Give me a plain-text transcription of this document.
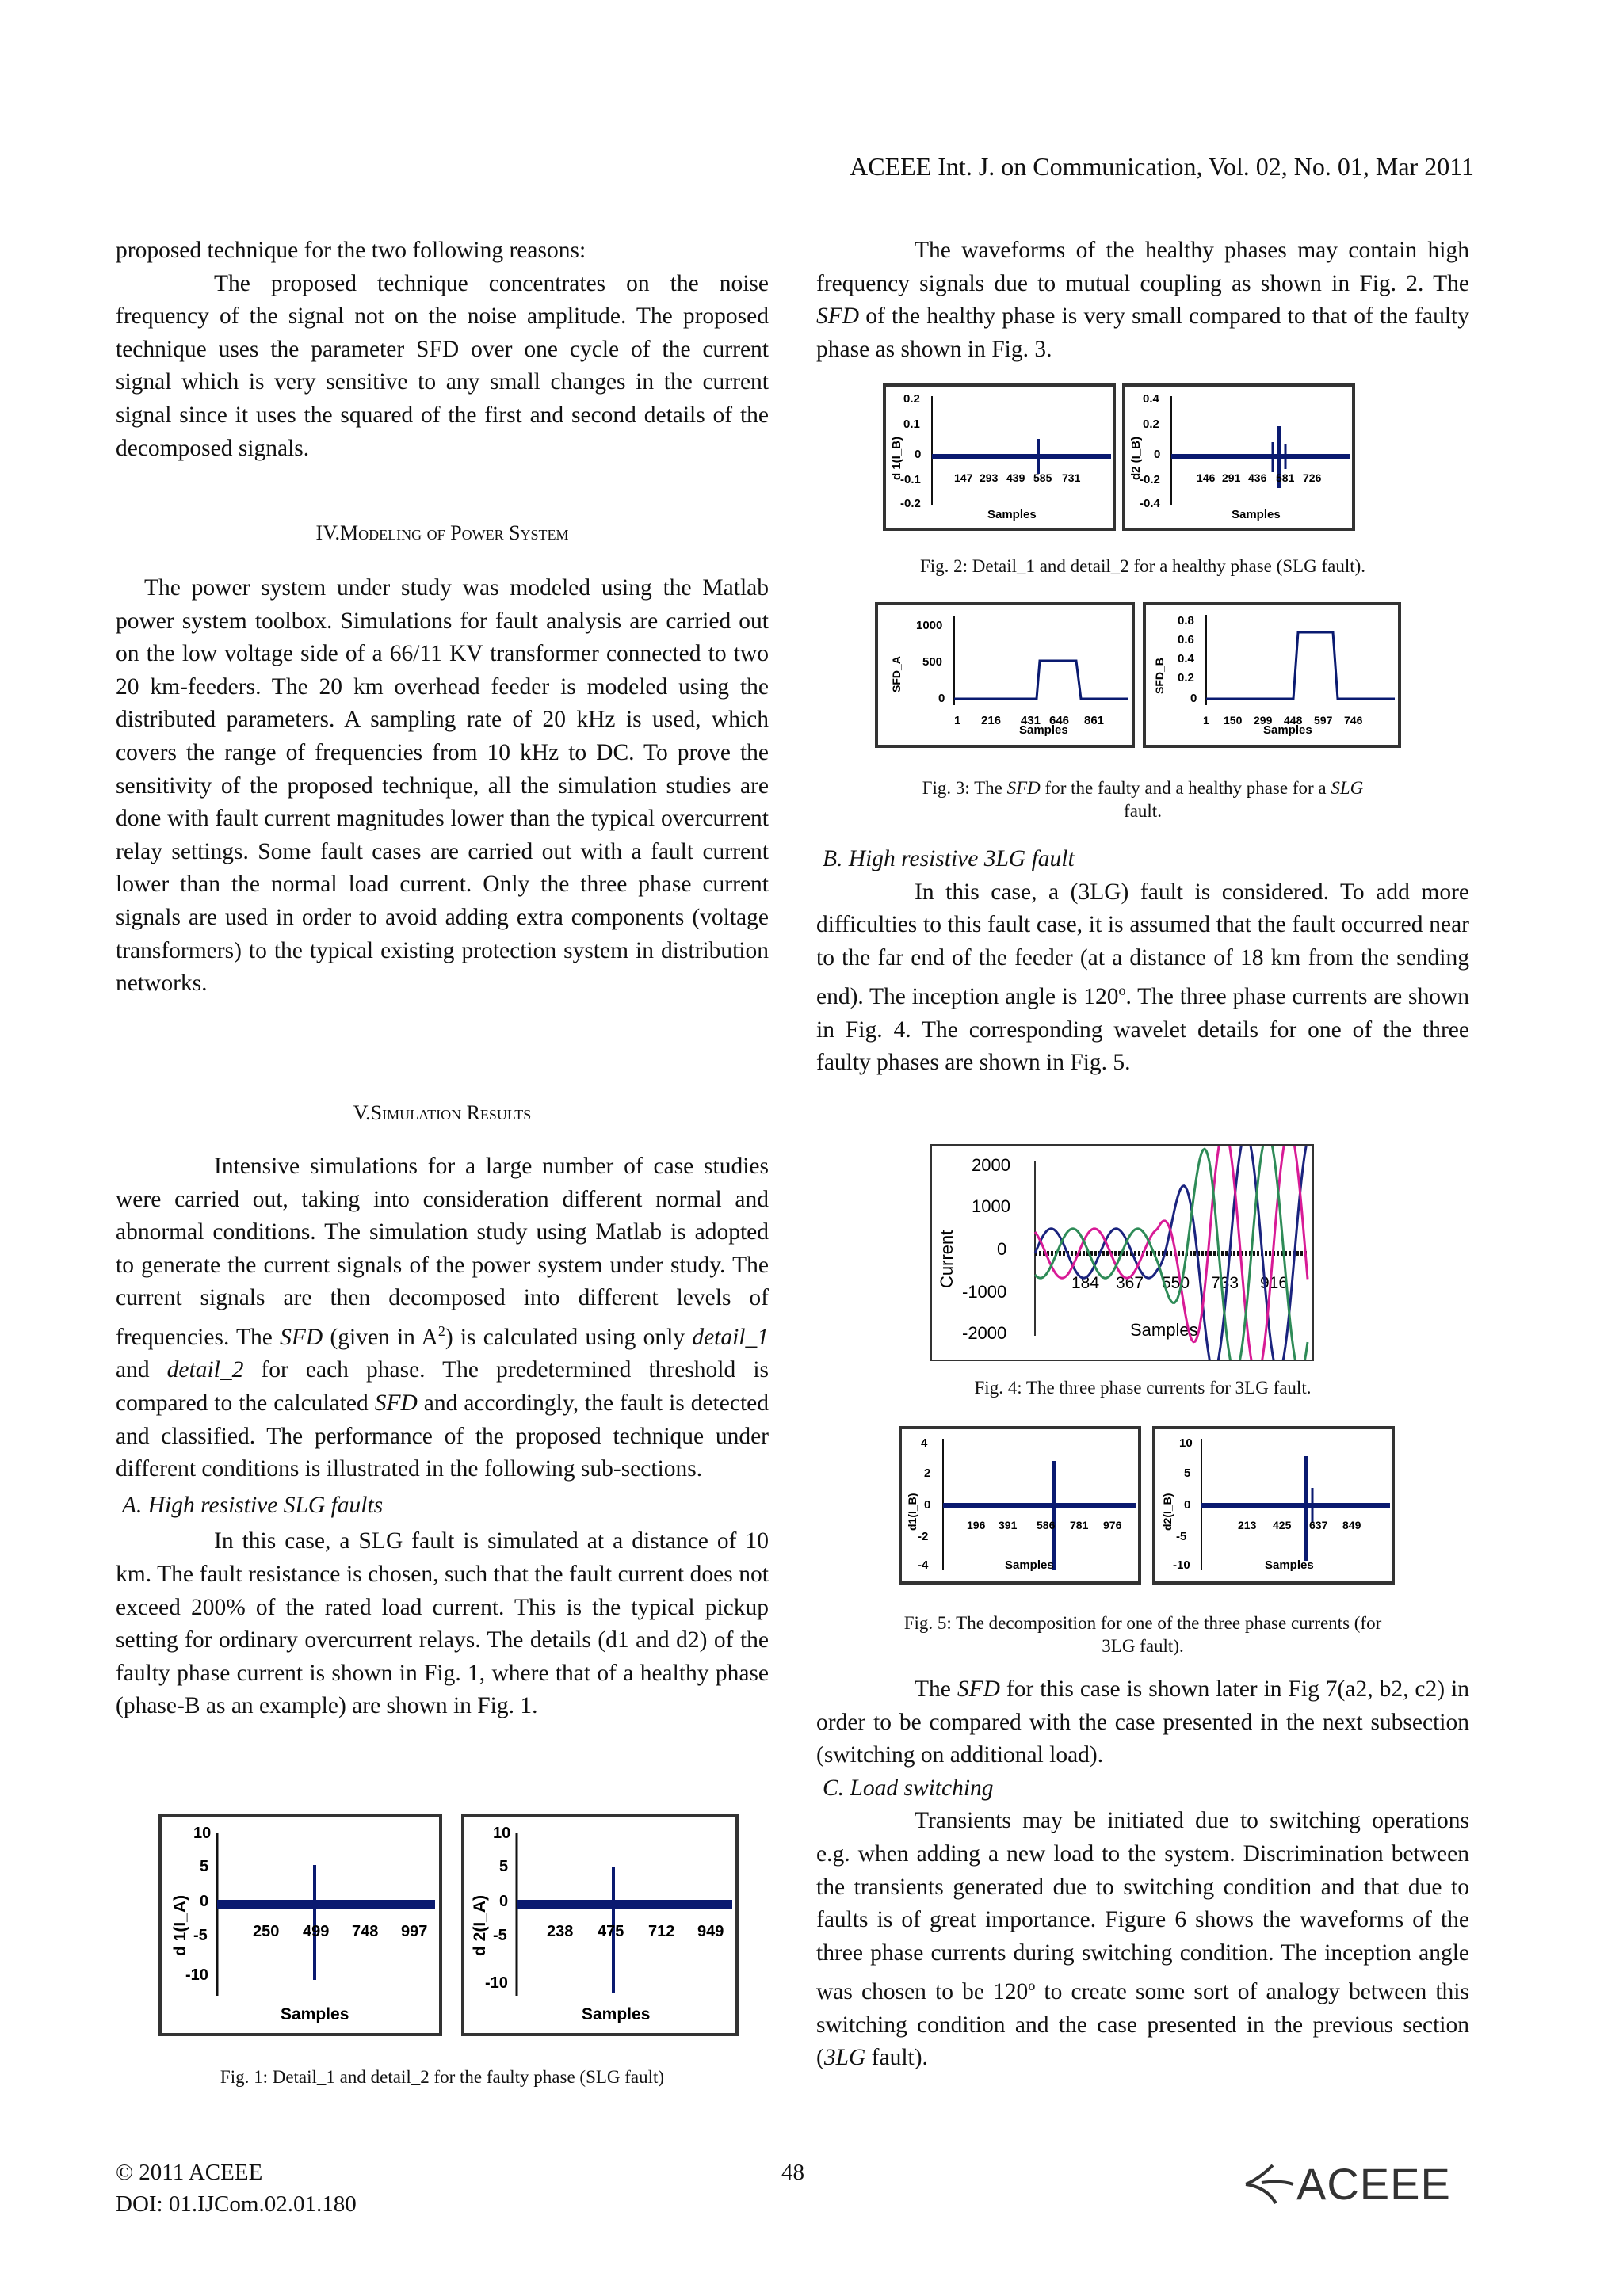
ACEEE Int. J. on Communication, Vol. 02, No. 01, Mar 2011

proposed technique for the two following reasons:

The proposed technique concentrates on the noise frequency of the signal not on the noise amplitude. The proposed technique uses the parameter SFD over one cycle of the current signal which is very sensitive to any small changes in the current signal since it uses the squared of the first and second details of the decomposed signals.

IV.Modeling of Power System

The power system under study was modeled using the Matlab power system toolbox. Simulations for fault analysis are carried out on the low voltage side of a 66/11 KV transformer connected to two 20 km-feeders. The 20 km overhead feeder is modeled using the distributed parameters. A sampling rate of 20 kHz is used, which covers the range of frequencies from 10 kHz to DC. To prove the sensitivity of the proposed technique, all the simulation studies are done with fault current magnitudes lower than the typical overcurrent relay settings. Some fault cases are carried out with a fault current lower than the normal load current. Only the three phase current signals are used in order to avoid adding extra components (voltage transformers) to the typical existing protection system in distribution networks.

V.Simulation Results

Intensive simulations for a large number of case studies were carried out, taking into consideration different normal and abnormal conditions. The simulation study using Matlab is adopted to generate the current signals of the power system under study. The current signals are then decomposed into different levels of frequencies. The SFD (given in $A^2$) is calculated using only detail_1 and detail_2 for each phase. The predetermined threshold is compared to the calculated SFD and accordingly, the fault is detected and classified. The performance of the proposed technique under different conditions is illustrated in the following sub-sections.

A. High resistive SLG faults

In this case, a SLG fault is simulated at a distance of 10 km. The fault resistance is chosen, such that the fault current does not exceed 200% of the rated load current. This is the typical pickup setting for ordinary overcurrent relays. The details (d1 and d2) of the faulty phase current is shown in Fig. 1, where that of a healthy phase (phase-B as an example) are shown in Fig. 1.

10
5
0
-5
-10
250 499 748 997
Samples
d 1(I_A)
10
5
0
-5
-10
238 475 712 949
Samples
d 2(I_A)
Fig. 1: Detail_1 and detail_2 for the faulty phase (SLG fault)

The waveforms of the healthy phases may contain high frequency signals due to mutual coupling as shown in Fig. 2. The SFD of the healthy phase is very small compared to that of the faulty phase as shown in Fig. 3.

0.2
0.1
0
-0.1
-0.2
147 293 439 585 731
Samples
d 1(I_B)
0.4
0.2
0
-0.2
-0.4
146 291 436 581 726
Samples
d2 (I_B)
Fig. 2: Detail_1 and detail_2 for a healthy phase (SLG fault).
1000
500
0
1 216 431 646 861
Samples
SFD_A
0.8
0.6
0.4
0.2
0
1 150 299 448 597 746
Samples
SFD_B
Fig. 3: The SFD for the faulty and a healthy phase for a SLG
fault.

B. High resistive 3LG fault

In this case, a (3LG) fault is considered. To add more difficulties to this fault case, it is assumed that the fault occurred near to the far end of the feeder (at a distance of 18 km from the sending end). The inception angle is 120$^o$. The three phase currents are shown in Fig. 4. The corresponding wavelet details for one of the three faulty phases are shown in Fig. 5.

2000
1000
0
-1000
-2000
184 367 550 733 916
Samples
Current
Fig. 4: The three phase currents for 3LG fault.
4
2
0
-2
-4
196 391 586 781 976
Samples
d1(I_B)
10
5
0
-5
-10
213 425 637 849
Samples
d2(I_B)
Fig. 5: The decomposition for one of the three phase currents (for
3LG fault).

The SFD for this case is shown later in Fig 7(a2, b2, c2) in order to be compared with the case presented in the next subsection (switching on additional load).

C. Load switching

Transients may be initiated due to switching operations e.g. when adding a new load to the system. Discrimination between the transients generated due to switching condition and that due to faults is of great importance. Figure 6 shows the waveforms of the three phase currents during switching condition. The inception angle was chosen to be 120$^o$ to create some sort of analogy between this switching condition and the case presented in the previous section (3LG fault).

© 2011 ACEEE
DOI: 01.IJCom.02.01.180
48	ACEEE
